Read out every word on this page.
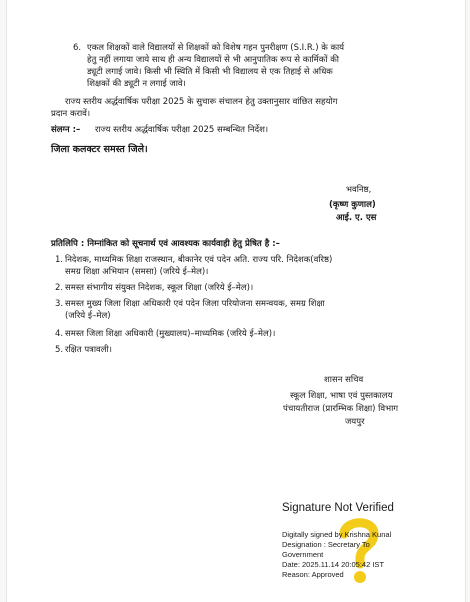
6. एकल शिक्षकों वाले विद्यालयों से शिक्षकों को विशेष गहन पुनरीक्षण (S.I.R.) के कार्य
हेतु नहीं लगाया जाये साथ ही अन्य विद्यालयों से भी आनुपातिक रूप से कार्मिकों की
ड्यूटी लगाई जावे। किसी भी स्थिति में किसी भी विद्यालय से एक तिहाई से अधिक
शिक्षकों की ड्यूटी न लगाई जावे।
राज्य स्तरीय अर्द्धवार्षिक परीक्षा 2025 के सुचारू संचालन हेतु उक्तानुसार वांछित सहयोग
प्रदान करावें।
संलग्न :– राज्य स्तरीय अर्द्धवार्षिक परीक्षा 2025 सम्बन्धित निर्देश।
जिला कलक्टर समस्त जिले।
भवनिष्ठ,
(कृष्ण कुणाल)
आई. ए. एस
प्रतिलिपि : निम्नांकित को सूचनार्थ एवं आवश्यक कार्यवाही हेतु प्रेषित है :–
1. निदेशक, माध्यमिक शिक्षा राजस्थान, बीकानेर एवं पदेन अति. राज्य परि. निदेशक(वरिष्ठ)
समग्र शिक्षा अभियान (समसा) (जरिये ई–मेल)।
2. समस्त संभागीय संयुक्त निदेशक, स्कूल शिक्षा (जरिये ई–मेल)।
3. समस्त मुख्य जिला शिक्षा अधिकारी एवं पदेन जिला परियोजना समन्वयक, समग्र शिक्षा
(जरिये ई–मेल)
4. समस्त जिला शिक्षा अधिकारी (मुख्यालय)–माध्यमिक (जरिये ई–मेल)।
5. रक्षित पत्रावली।
शासन सचिव
स्कूल शिक्षा, भाषा एवं पुस्तकालय
पंचायतीराज (प्रारम्भिक शिक्षा) विभाग
जयपुर
Signature Not Verified
Digitally signed by Krishna Kunal
Designation : Secretary To
Government
Date: 2025.11.14 20:05:42 IST
Reason: Approved
